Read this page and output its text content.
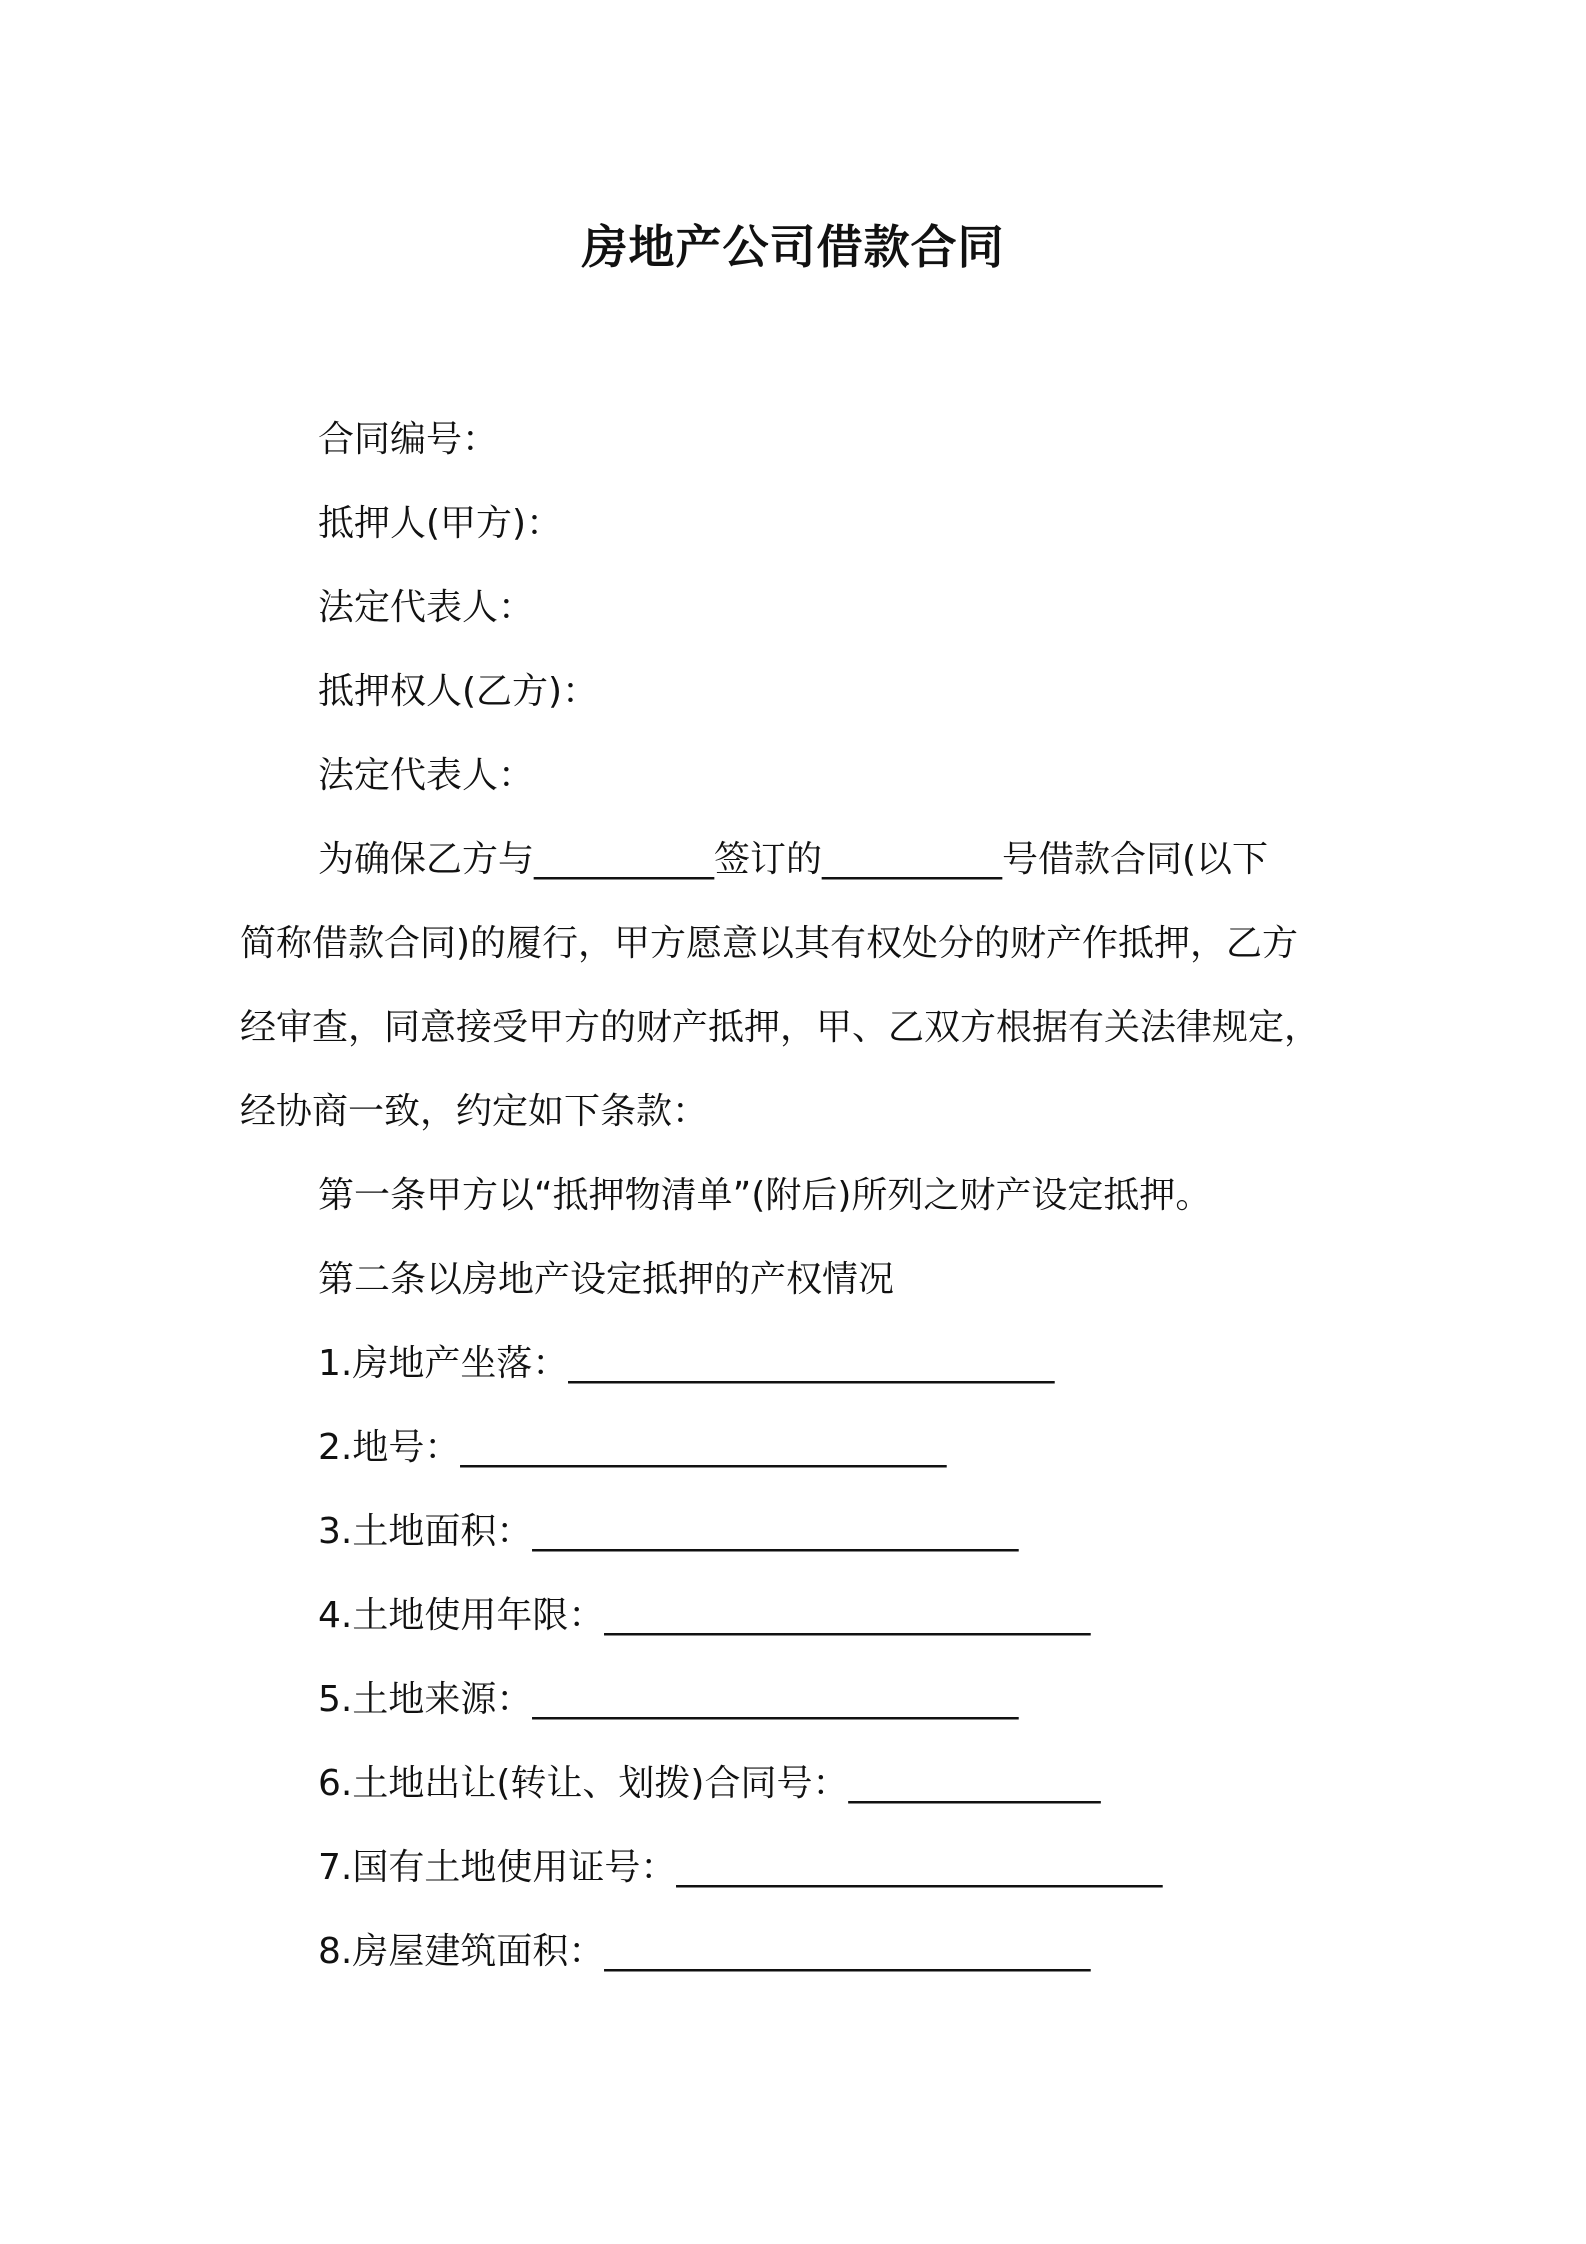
房地产公司借款合同
合同编号：
抵押人(甲方)：
法定代表人：
抵押权人(乙方)：
法定代表人：
为确保乙方与__________签订的__________号借款合同(以下
简称借款合同)的履行，甲方愿意以其有权处分的财产作抵押，乙方
经审查，同意接受甲方的财产抵押，甲、乙双方根据有关法律规定，
经协商一致，约定如下条款：
第一条甲方以“抵押物清单”(附后)所列之财产设定抵押。
第二条以房地产设定抵押的产权情况
1.房地产坐落：___________________________
2.地号：___________________________
3.土地面积：___________________________
4.土地使用年限：___________________________
5.土地来源：___________________________
6.土地出让(转让、划拨)合同号：______________
7.国有土地使用证号：___________________________
8.房屋建筑面积：___________________________
